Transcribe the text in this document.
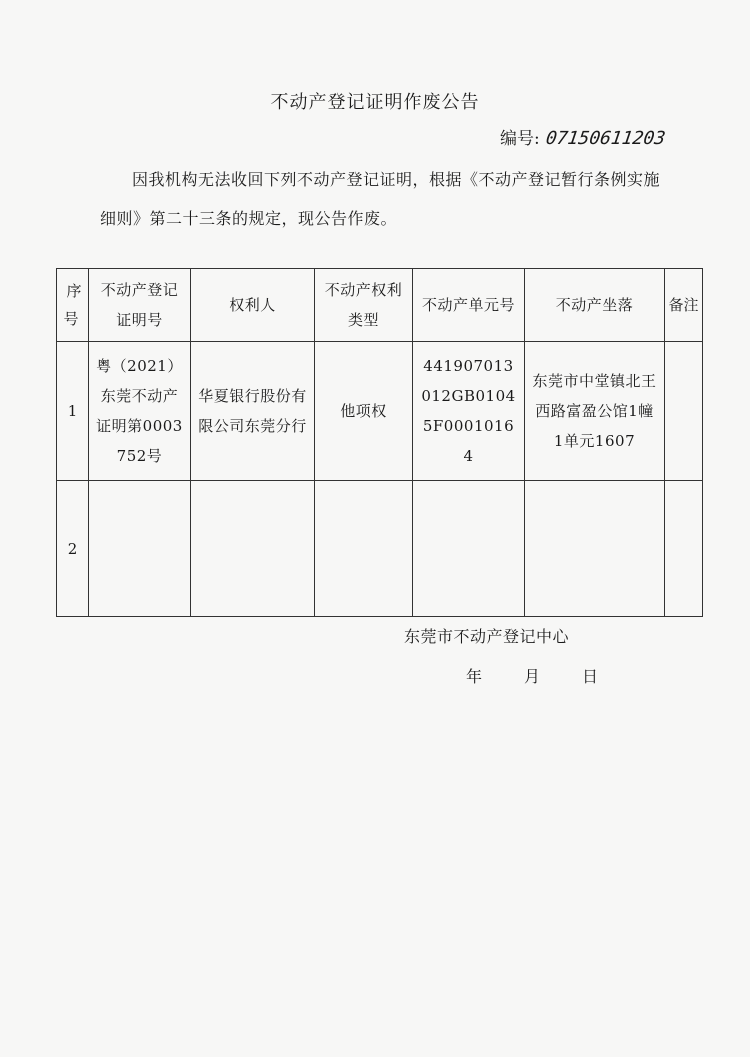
不动产登记证明作废公告
编号: 07150611203
因我机构无法收回下列不动产登记证明，根据《不动产登记暂行条例实施细则》第二十三条的规定，现公告作废。
序号	不动产登记证明号	权利人	不动产权利类型	不动产单元号	不动产坐落	备注
1	粤（2021）东莞不动产证明第0003752号	华夏银行股份有限公司东莞分行	他项权	441907013012GB01045F00010164	东莞市中堂镇北王西路富盈公馆1幢1单元1607	

2	

东莞市不动产登记中心
年	月	日
